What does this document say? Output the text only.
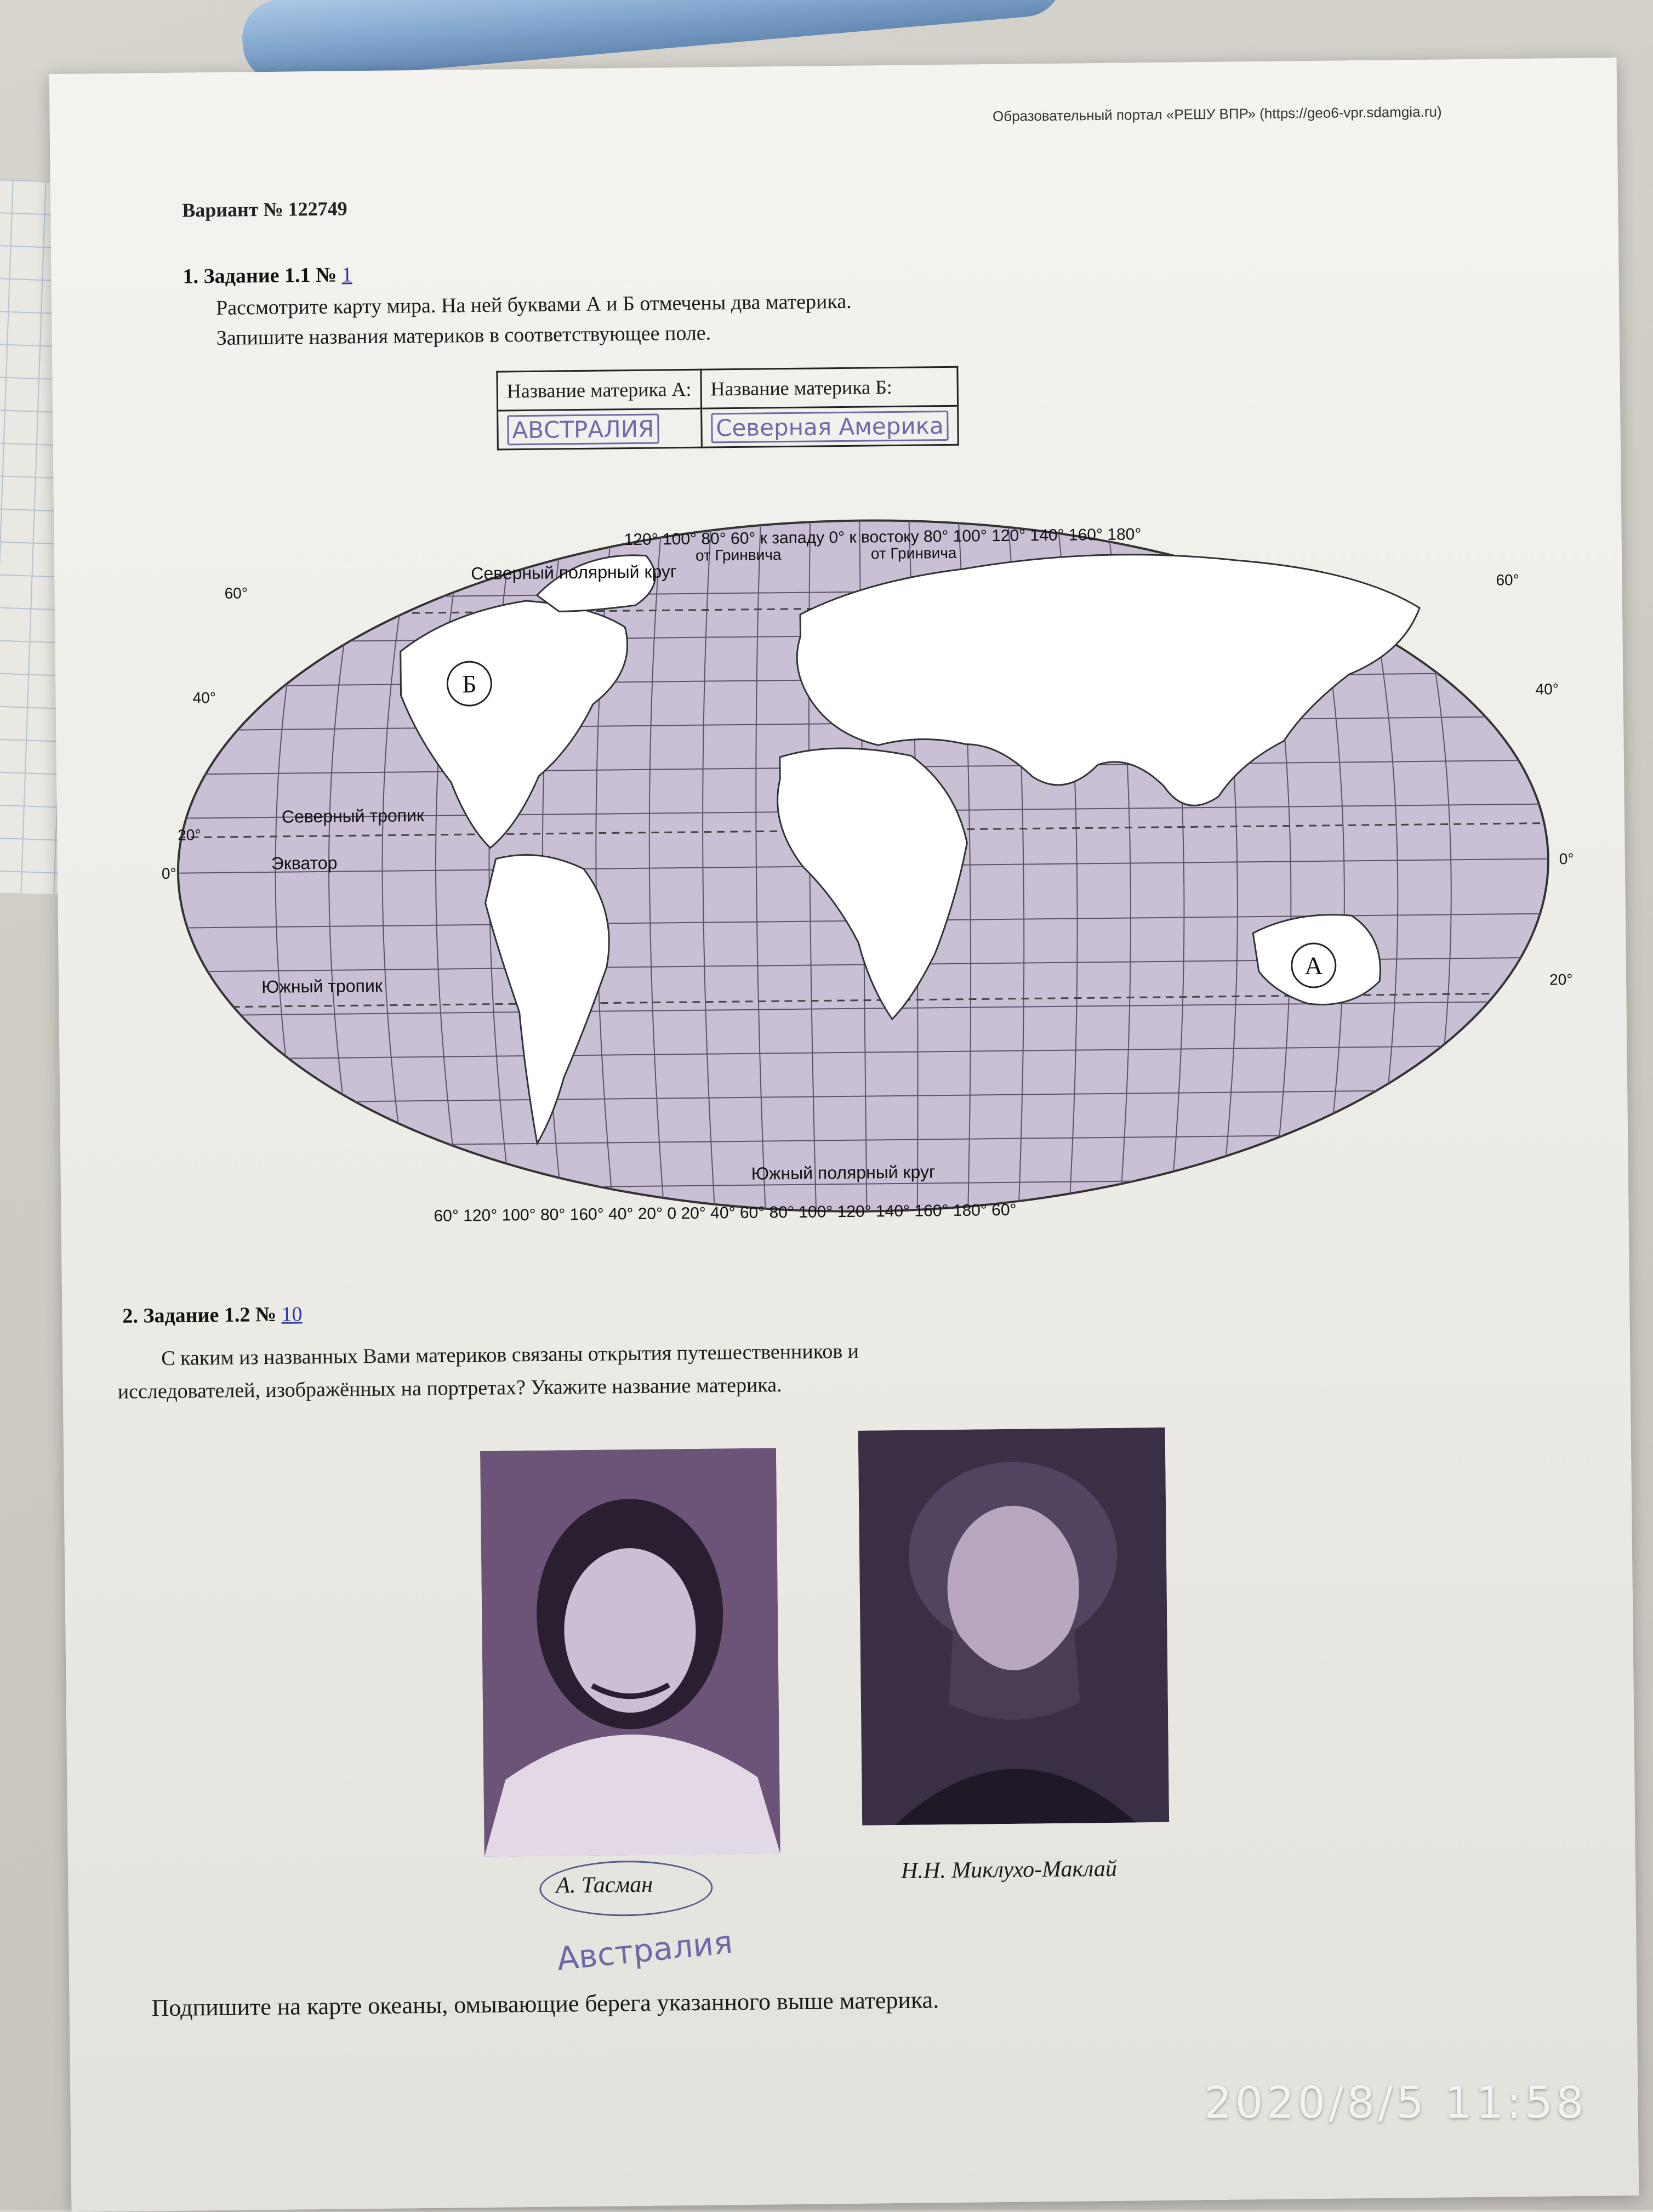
Образовательный портал «РЕШУ ВПР» (https://geo6-vpr.sdamgia.ru)
Вариант № 122749
1. Задание 1.1 № 1
Рассмотрите карту мира. На ней буквами А и Б отмечены два материка.
Запишите названия материков в соответствующее поле.
Название материка А:	Название материка Б:
АВСТРАЛИЯ	Северная Америка
А
Б
120° 100° 80° 60° к западу 0° к востоку 80° 100° 120° 140° 160° 180°
от Гринвича	от Гринвича
Северный полярный круг
Северный тропик
Экватор
Южный тропик
Южный полярный круг
60°
40°
20°
0°
60°
40°
20°
0°
60° 120° 100° 80° 160° 40° 20° 0 20° 40° 60° 80° 100° 120° 140° 160° 180° 60°
2. Задание 1.2 № 10
С каким из названных Вами материков связаны открытия путешественников и
исследователей, изображённых на портретах? Укажите название материка.
А. Тасман
Н.Н. Миклухо-Маклай
Австралия
Подпишите на карте океаны, омывающие берега указанного выше материка.
2020/8/5 11:58
